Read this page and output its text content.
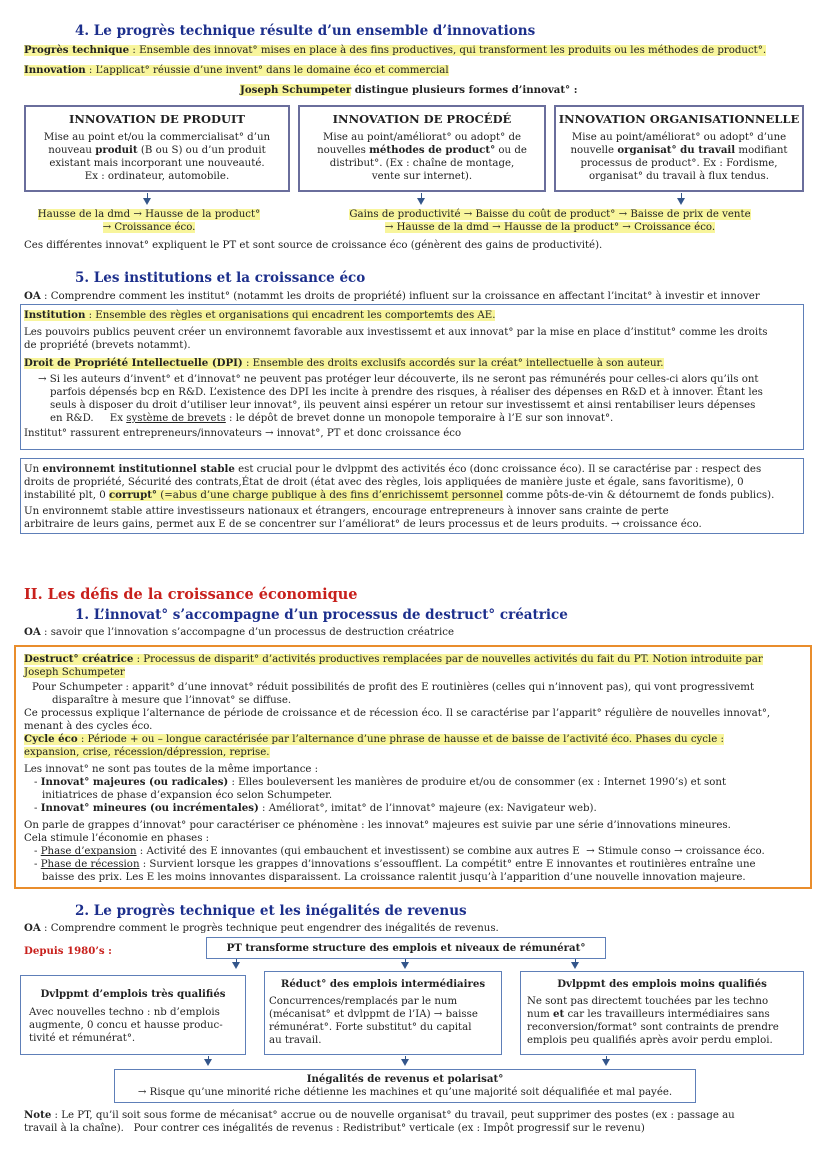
4. Le progrès technique résulte d’un ensemble d’innovations
Progrès technique : Ensemble des innovat° mises en place à des fins productives, qui transforment les produits ou les méthodes de product°.
Innovation : L’applicat° réussie d’une invent° dans le domaine éco et commercial
Joseph Schumpeter distingue plusieurs formes d’innovat° :
INNOVATION DE PRODUIT

Mise au point et/ou la commercialisat° d’un

nouveau produit (B ou S) ou d’un produit

existant mais incorporant une nouveauté.

Ex : ordinateur, automobile.

INNOVATION DE PROCÉDÉ

Mise au point/améliorat° ou adopt° de

nouvelles méthodes de product° ou de

distribut°. (Ex : chaîne de montage,

vente sur internet).

INNOVATION ORGANISATIONNELLE

Mise au point/améliorat° ou adopt° d’une

nouvelle organisat° du travail modifiant

processus de product°. Ex : Fordisme,

organisat° du travail à flux tendus.

Hausse de la dmd → Hausse de la product°
→ Croissance éco.
Gains de productivité → Baisse du coût de product° → Baisse de prix de vente
→ Hausse de la dmd → Hausse de la product° → Croissance éco.
Ces différentes innovat° expliquent le PT et sont source de croissance éco (génèrent des gains de productivité).
5. Les institutions et la croissance éco
OA : Comprendre comment les institut° (notammt les droits de propriété) influent sur la croissance en affectant l’incitat° à investir et innover

Institution : Ensemble des règles et organisations qui encadrent les comportemts des AE.

Les pouvoirs publics peuvent créer un environnemt favorable aux investissemt et aux innovat° par la mise en place d’institut° comme les droits

de propriété (brevets notammt).

Droit de Propriété Intellectuelle (DPI) : Ensemble des droits exclusifs accordés sur la créat° intellectuelle à son auteur.

→ Si les auteurs d’invent° et d’innovat° ne peuvent pas protéger leur découverte, ils ne seront pas rémunérés pour celles-ci alors qu’ils ont

parfois dépensés bcp en R&D. L’existence des DPI les incite à prendre des risques, à réaliser des dépenses en R&D et à innover. Étant les

seuls à disposer du droit d’utiliser leur innovat°, ils peuvent ainsi espérer un retour sur investissemt et ainsi rentabiliser leurs dépenses

en R&D.     Ex système de brevets : le dépôt de brevet donne un monopole temporaire à l’E sur son innovat°.

Institut° rassurent entrepreneurs/innovateurs → innovat°, PT et donc croissance éco

Un environnemt institutionnel stable est crucial pour le dvlppmt des activités éco (donc croissance éco). Il se caractérise par : respect des

droits de propriété, Sécurité des contrats,État de droit (état avec des règles, lois appliquées de manière juste et égale, sans favoritisme), 0

instabilité plt, 0 corrupt° (=abus d’une charge publique à des fins d’enrichissemt personnel comme pôts-de-vin & détournemt de fonds publics).

Un environnemt stable attire investisseurs nationaux et étrangers, encourage entrepreneurs à innover sans crainte de perte

arbitraire de leurs gains, permet aux E de se concentrer sur l’améliorat° de leurs processus et de leurs produits. → croissance éco.

II. Les défis de la croissance économique
1. L’innovat° s’accompagne d’un processus de destruct° créatrice
OA : savoir que l’innovation s’accompagne d’un processus de destruction créatrice

Destruct° créatrice : Processus de disparit° d’activités productives remplacées par de nouvelles activités du fait du PT. Notion introduite par

Joseph Schumpeter

Pour Schumpeter : apparit° d’une innovat° réduit possibilités de profit des E routinières (celles qui n’innovent pas), qui vont progressivemt

disparaître à mesure que l’innovat° se diffuse.

Ce processus explique l’alternance de période de croissance et de récession éco. Il se caractérise par l’apparit° régulière de nouvelles innovat°,

menant à des cycles éco.

Cycle éco : Période + ou – longue caractérisée par l’alternance d’une phrase de hausse et de baisse de l’activité éco. Phases du cycle :

expansion, crise, récession/dépression, reprise.

Les innovat° ne sont pas toutes de la même importance :

- Innovat° majeures (ou radicales) : Elles bouleversent les manières de produire et/ou de consommer (ex : Internet 1990’s) et sont

initiatrices de phase d’expansion éco selon Schumpeter.

- Innovat° mineures (ou incrémentales) : Améliorat°, imitat° de l’innovat° majeure (ex: Navigateur web).

On parle de grappes d’innovat° pour caractériser ce phénomène : les innovat° majeures est suivie par une série d’innovations mineures.

Cela stimule l’économie en phases :

- Phase d’expansion : Activité des E innovantes (qui embauchent et investissent) se combine aux autres E  → Stimule conso → croissance éco.

- Phase de récession : Survient lorsque les grappes d’innovations s’essoufflent. La compétit° entre E innovantes et routinières entraîne une

baisse des prix. Les E les moins innovantes disparaissent. La croissance ralentit jusqu’à l’apparition d’une nouvelle innovation majeure.

2. Le progrès technique et les inégalités de revenus
OA : Comprendre comment le progrès technique peut engendrer des inégalités de revenus.
Depuis 1980’s :	PT transforme structure des emplois et niveaux de rémunérat°
Dvlppmt d’emplois très qualifiés

Avec nouvelles techno : nb d’emplois

augmente, 0 concu et hausse produc-

tivité et rémunérat°.

Réduct° des emplois intermédiaires

Concurrences/remplacés par le num

(mécanisat° et dvlppmt de l’IA) → baisse

rémunérat°. Forte substitut° du capital

au travail.

Dvlppmt des emplois moins qualifiés

Ne sont pas directemt touchées par les techno

num et car les travailleurs intermédiaires sans

reconversion/format° sont contraints de prendre

emplois peu qualifiés après avoir perdu emploi.

Inégalités de revenus et polarisat°
→ Risque qu’une minorité riche détienne les machines et qu’une majorité soit déqualifiée et mal payée.

Note : Le PT, qu’il soit sous forme de mécanisat° accrue ou de nouvelle organisat° du travail, peut supprimer des postes (ex : passage au

travail à la chaîne).   Pour contrer ces inégalités de revenus : Redistribut° verticale (ex : Impôt progressif sur le revenu)
